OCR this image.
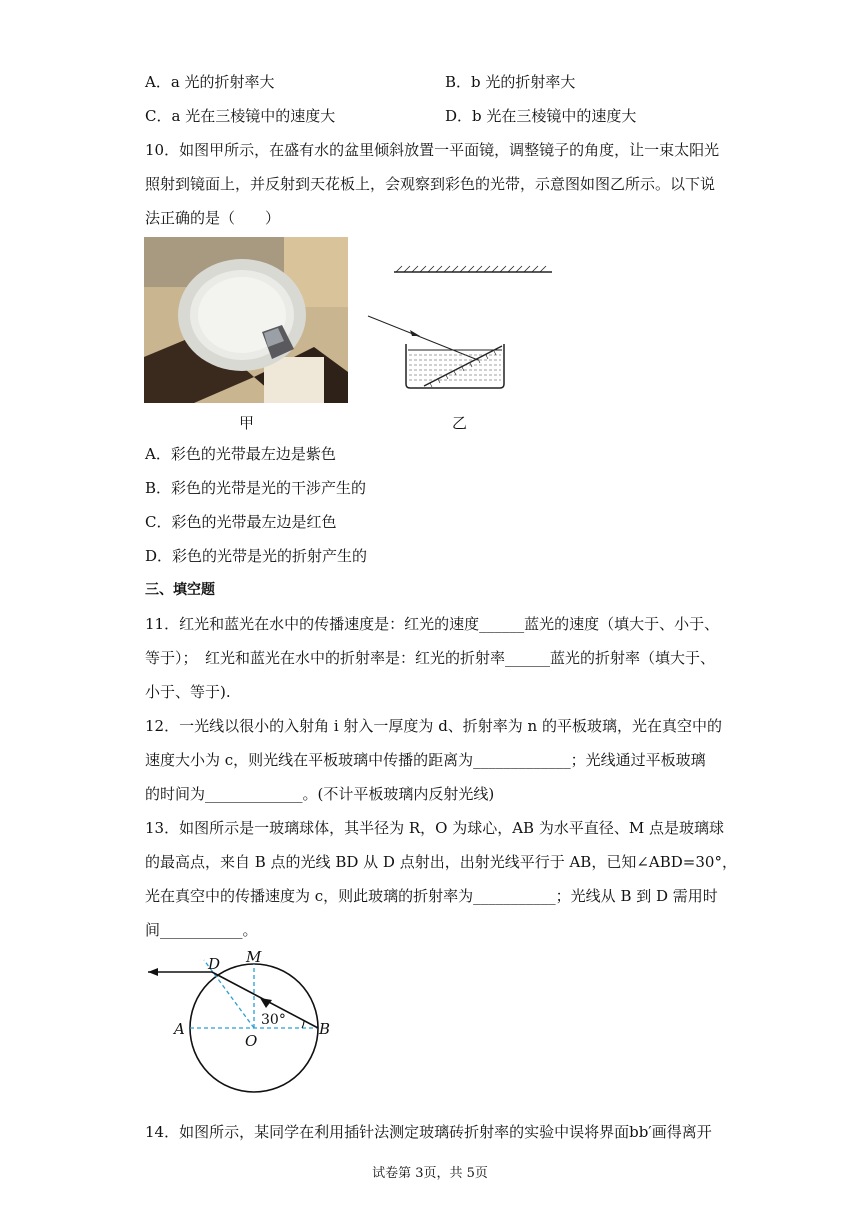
A．a 光的折射率大	B．b 光的折射率大
C．a 光在三棱镜中的速度大	D．b 光在三棱镜中的速度大
10．如图甲所示，在盛有水的盆里倾斜放置一平面镜，调整镜子的角度，让一束太阳光
照射到镜面上，并反射到天花板上，会观察到彩色的光带，示意图如图乙所示。以下说
法正确的是（　　）
甲	乙
A．彩色的光带最左边是紫色
B．彩色的光带是光的干涉产生的
C．彩色的光带最左边是红色
D．彩色的光带是光的折射产生的
三、填空题
11．红光和蓝光在水中的传播速度是：红光的速度______蓝光的速度（填大于、小于、
等于）；　红光和蓝光在水中的折射率是：红光的折射率______蓝光的折射率（填大于、
小于、等于).
12．一光线以很小的入射角 i 射入一厚度为 d、折射率为 n 的平板玻璃，光在真空中的
速度大小为 c，则光线在平板玻璃中传播的距离为_____________；光线通过平板玻璃
的时间为_____________。(不计平板玻璃内反射光线)
13．如图所示是一玻璃球体，其半径为 R，O 为球心，AB 为水平直径、M 点是玻璃球
的最高点，来自 B 点的光线 BD 从 D 点射出，出射光线平行于 AB，已知∠ABD=30°，
光在真空中的传播速度为 c，则此玻璃的折射率为___________；光线从 B 到 D 需用时
间___________。
D M
A
O
B
30°
14．如图所示，某同学在利用插针法测定玻璃砖折射率的实验中误将界面bb′画得离开
试卷第 3页，共 5页
